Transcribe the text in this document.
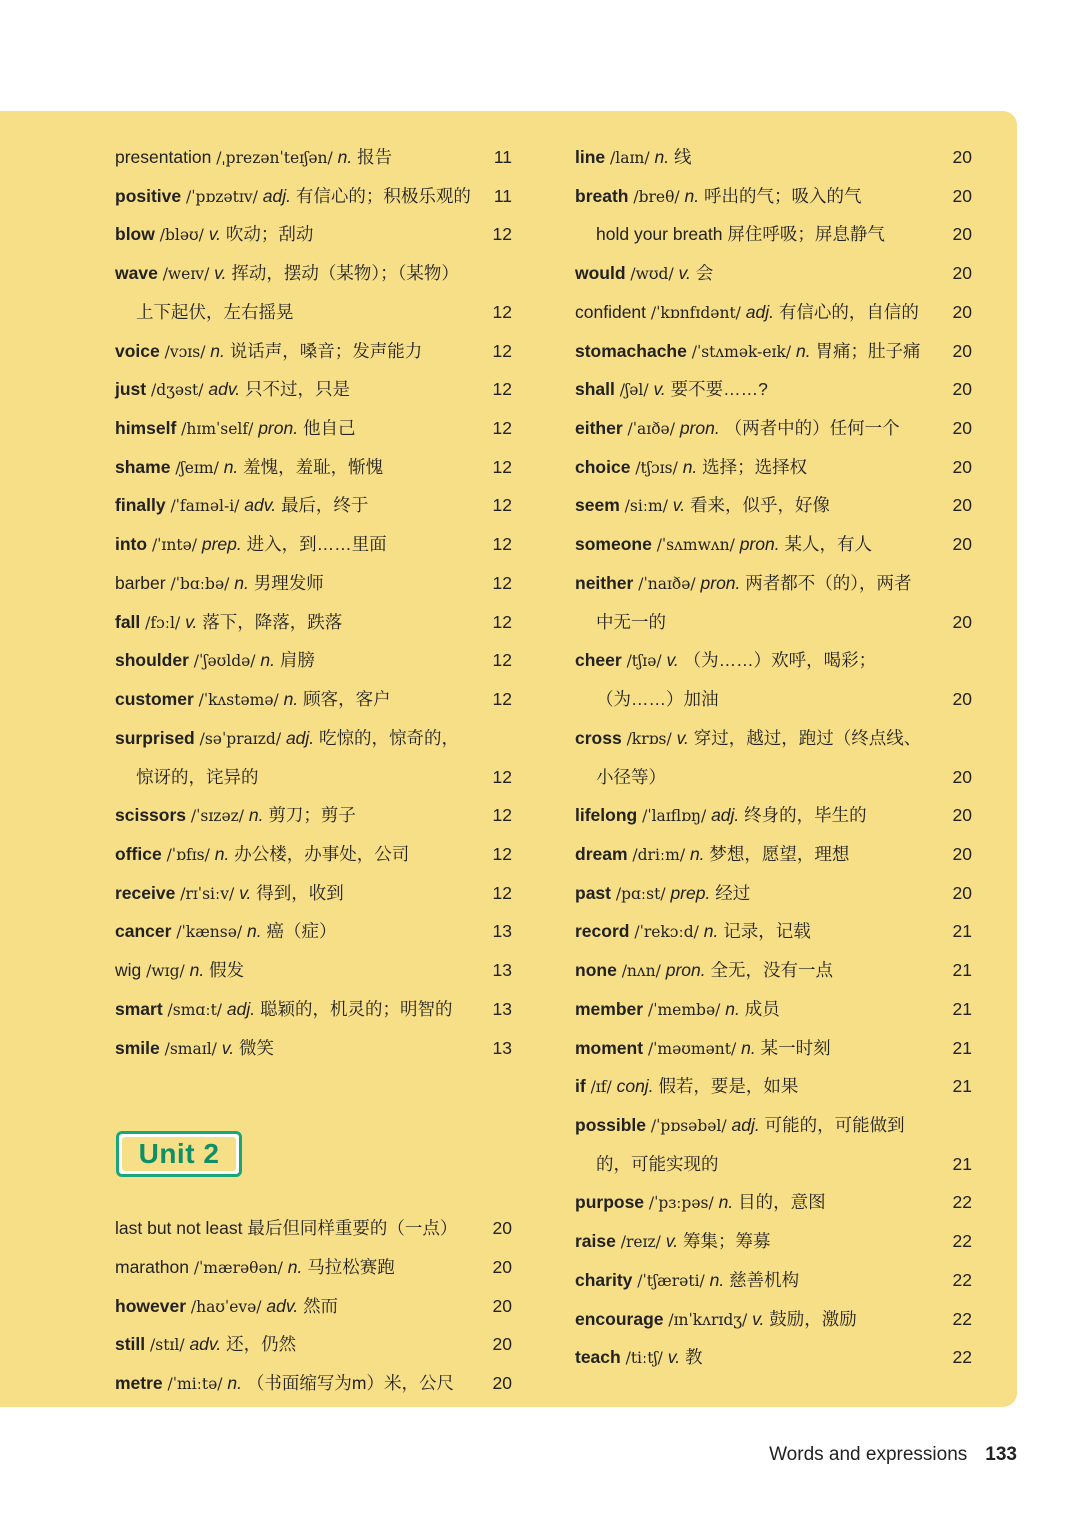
presentation /ˌprezənˈteɪʃən/ n. 报告	11
positive /ˈpɒzətɪv/ adj. 有信心的；积极乐观的 11
blow /bləʊ/ v. 吹动；刮动	12
wave /weɪv/ v. 挥动，摆动（某物）；（某物）
上下起伏，左右摇晃	12
voice /vɔɪs/ n. 说话声，嗓音；发声能力	12
just /dʒəst/ adv. 只不过，只是	12
himself /hɪmˈself/ pron. 他自己	12
shame /ʃeɪm/ n. 羞愧，羞耻，惭愧	12
finally /ˈfaɪnəl-i/ adv. 最后，终于	12
into /ˈɪntə/ prep. 进入，到……里面	12
barber /ˈbɑːbə/ n. 男理发师	12
fall /fɔːl/ v. 落下，降落，跌落	12
shoulder /ˈʃəʊldə/ n. 肩膀	12
customer /ˈkʌstəmə/ n. 顾客，客户	12
surprised /səˈpraɪzd/ adj. 吃惊的，惊奇的，
惊讶的，诧异的	12
scissors /ˈsɪzəz/ n. 剪刀；剪子	12
office /ˈɒfɪs/ n. 办公楼，办事处，公司	12
receive /rɪˈsiːv/ v. 得到，收到	12
cancer /ˈkænsə/ n. 癌（症）	13
wig /wɪg/ n. 假发	13
smart /smɑːt/ adj. 聪颖的，机灵的；明智的 13
smile /smaɪl/ v. 微笑	13
Unit 2
last but not least 最后但同样重要的（一点） 20
marathon /ˈmærəθən/ n. 马拉松赛跑	20
however /haʊˈevə/ adv. 然而	20
still /stɪl/ adv. 还，仍然	20
metre /ˈmiːtə/ n. （书面缩写为m）米，公尺 20
line /laɪn/ n. 线	20
breath /breθ/ n. 呼出的气；吸入的气	20
hold your breath 屏住呼吸；屏息静气	20
would /wʊd/ v. 会	20
confident /ˈkɒnfɪdənt/ adj. 有信心的，自信的 20
stomachache /ˈstʌmək-eɪk/ n. 胃痛；肚子痛 20
shall /ʃəl/ v. 要不要……?	20
either /ˈaɪðə/ pron. （两者中的）任何一个	20
choice /tʃɔɪs/ n. 选择；选择权	20
seem /siːm/ v. 看来，似乎，好像	20
someone /ˈsʌmwʌn/ pron. 某人，有人	20
neither /ˈnaɪðə/ pron. 两者都不（的），两者
中无一的	20
cheer /tʃɪə/ v. （为……）欢呼，喝彩；
（为……）加油	20
cross /krɒs/ v. 穿过，越过，跑过（终点线、
小径等）	20
lifelong /ˈlaɪflɒŋ/ adj. 终身的，毕生的	20
dream /driːm/ n. 梦想，愿望，理想	20
past /pɑːst/ prep. 经过	20
record /ˈrekɔːd/ n. 记录，记载	21
none /nʌn/ pron. 全无，没有一点	21
member /ˈmembə/ n. 成员	21
moment /ˈməʊmənt/ n. 某一时刻	21
if /ɪf/ conj. 假若，要是，如果	21
possible /ˈpɒsəbəl/ adj. 可能的，可能做到
的，可能实现的	21
purpose /ˈpɜːpəs/ n. 目的，意图	22
raise /reɪz/ v. 筹集；筹募	22
charity /ˈtʃærəti/ n. 慈善机构	22
encourage /ɪnˈkʌrɪdʒ/ v. 鼓励，激励	22
teach /tiːtʃ/ v. 教	22
Words and expressions 133
